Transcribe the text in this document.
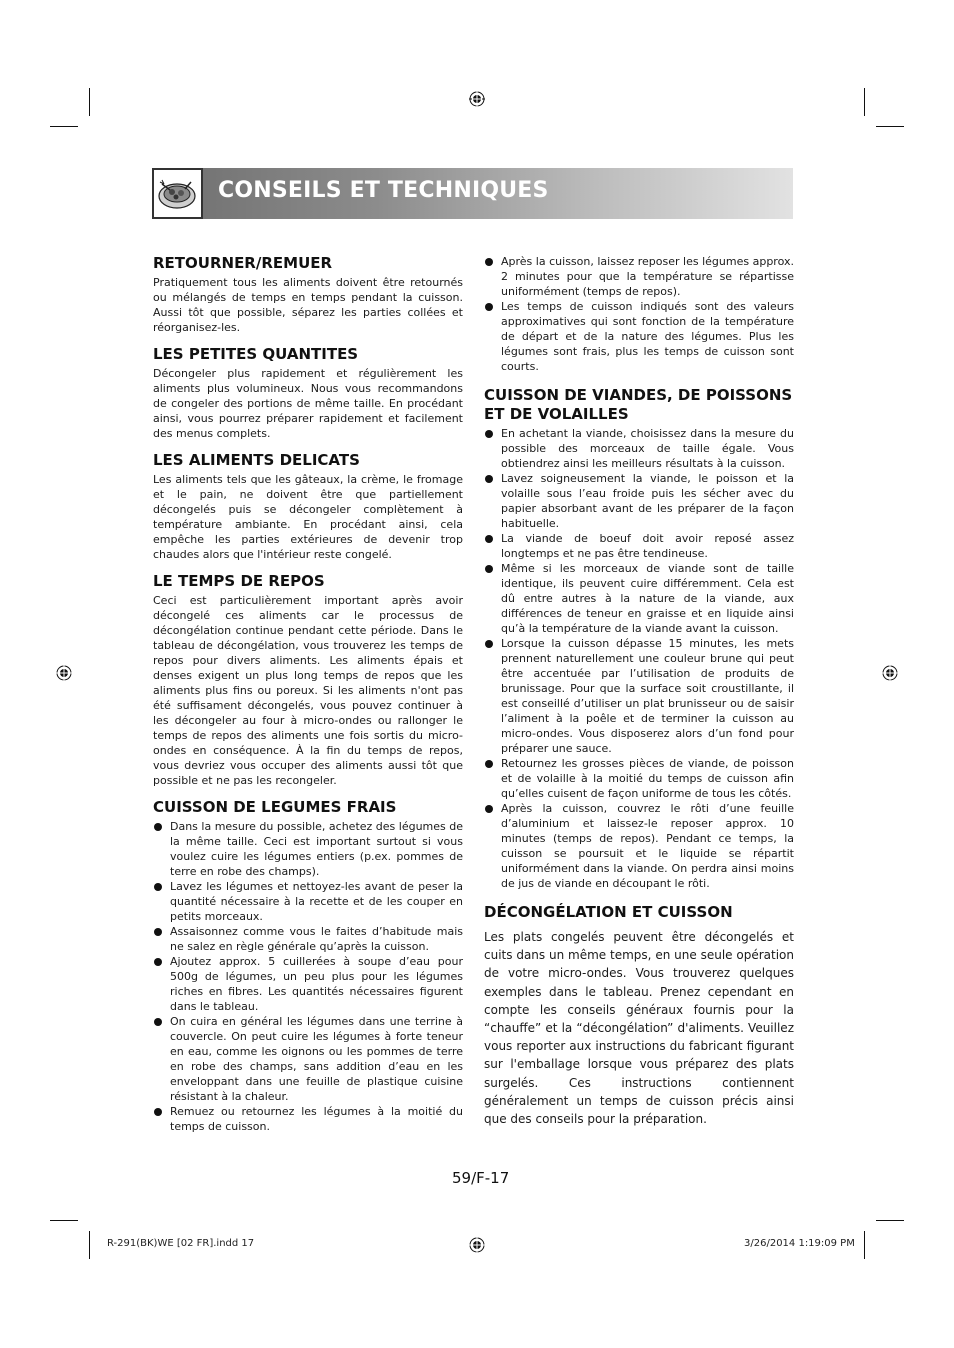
CONSEILS ET TECHNIQUES
RETOURNER/REMUER

Pratiquement tous les aliments doivent être retournés ou mélangés de temps en temps pendant la cuisson. Aussi tôt que possible, séparez les parties collées et réorganisez-les.

LES PETITES QUANTITES

Décongeler plus rapidement et régulièrement les aliments plus volumineux. Nous vous recommandons de congeler des portions de même taille. En procédant ainsi, vous pourrez préparer rapidement et facilement des menus complets.

LES ALIMENTS DELICATS

Les aliments tels que les gâteaux, la crème, le fromage et le pain, ne doivent être que partiellement décongelés puis se décongeler complètement à température ambiante. En procédant ainsi, cela empêche les parties extérieures de devenir trop chaudes alors que l'intérieur reste congelé.

LE TEMPS DE REPOS

Ceci est particulièrement important après avoir décongelé ces aliments car le processus de décongélation continue pendant cette période. Dans le tableau de décongélation, vous trouverez les temps de repos pour divers aliments. Les aliments épais et denses exigent un plus long temps de repos que les aliments plus fins ou poreux. Si les aliments n'ont pas été suffisament décongelés, vous pouvez continuer à les décongeler au four à micro-ondes ou rallonger le temps de repos des aliments une fois sortis du micro-ondes en conséquence. À la fin du temps de repos, vous devriez vous occuper des aliments aussi tôt que possible et ne pas les recongeler.

CUISSON DE LEGUMES FRAIS
Dans la mesure du possible, achetez des légumes de la même taille. Ceci est important surtout si vous voulez cuire les légumes entiers (p.ex. pommes de terre en robe des champs).
Lavez les légumes et nettoyez-les avant de peser la quantité nécessaire à la recette et de les couper en petits morceaux.
Assaisonnez comme vous le faites d’habitude mais ne salez en règle générale qu’après la cuisson.
Ajoutez approx. 5 cuillerées à soupe d’eau pour 500g de légumes, un peu plus pour les légumes riches en fibres. Les quantités nécessaires figurent dans le tableau.
On cuira en général les légumes dans une terrine à couvercle. On peut cuire les légumes à forte teneur en eau, comme les oignons ou les pommes de terre en robe des champs, sans addition d’eau en les enveloppant dans une feuille de plastique cuisine résistant à la chaleur.
Remuez ou retournez les légumes à la moitié du temps de cuisson.
Après la cuisson, laissez reposer les légumes approx. 2 minutes pour que la température se répartisse uniformément (temps de repos).
Les temps de cuisson indiqués sont des valeurs approximatives qui sont fonction de la température de départ et de la nature des légumes. Plus les légumes sont frais, plus les temps de cuisson sont courts.
CUISSON DE VIANDES, DE POISSONS ET DE VOLAILLES
En achetant la viande, choisissez dans la mesure du possible des morceaux de taille égale. Vous obtiendrez ainsi les meilleurs résultats à la cuisson.
Lavez soigneusement la viande, le poisson et la volaille sous l’eau froide puis les sécher avec du papier absorbant avant de les préparer de la façon habituelle.
La viande de boeuf doit avoir reposé assez longtemps et ne pas être tendineuse.
Même si les morceaux de viande sont de taille identique, ils peuvent cuire différemment. Cela est dû entre autres à la nature de la viande, aux différences de teneur en graisse et en liquide ainsi qu’à la température de la viande avant la cuisson.
Lorsque la cuisson dépasse 15 minutes, les mets prennent naturellement une couleur brune qui peut être accentuée par l’utilisation de produits de brunissage. Pour que la surface soit croustillante, il est conseillé d’utiliser un plat brunisseur ou de saisir l’aliment à la poêle et de terminer la cuisson au micro-ondes. Vous disposerez alors d’un fond pour préparer une sauce.
Retournez les grosses pièces de viande, de poisson et de volaille à la moitié du temps de cuisson afin qu’elles cuisent de façon uniforme de tous les côtés.
Après la cuisson, couvrez le rôti d’une feuille d’aluminium et laissez-le reposer approx. 10 minutes (temps de repos). Pendant ce temps, la cuisson se poursuit et le liquide se répartit uniformément dans la viande. On perdra ainsi moins de jus de viande en découpant le rôti.
DÉCONGÉLATION ET CUISSON

Les plats congelés peuvent être décongelés et cuits dans un même temps, en une seule opération de votre micro-ondes. Vous trouverez quelques exemples dans le tableau. Prenez cependant en compte les conseils généraux fournis pour la “chauffe” et la “décongélation” d'aliments. Veuillez vous reporter aux instructions du fabricant figurant sur l'emballage lorsque vous préparez des plats surgelés. Ces instructions contiennent généralement un temps de cuisson précis ainsi que des conseils pour la préparation.

59/F-17

R-291(BK)WE [02 FR].indd 17	3/26/2014 1:19:09 PM
